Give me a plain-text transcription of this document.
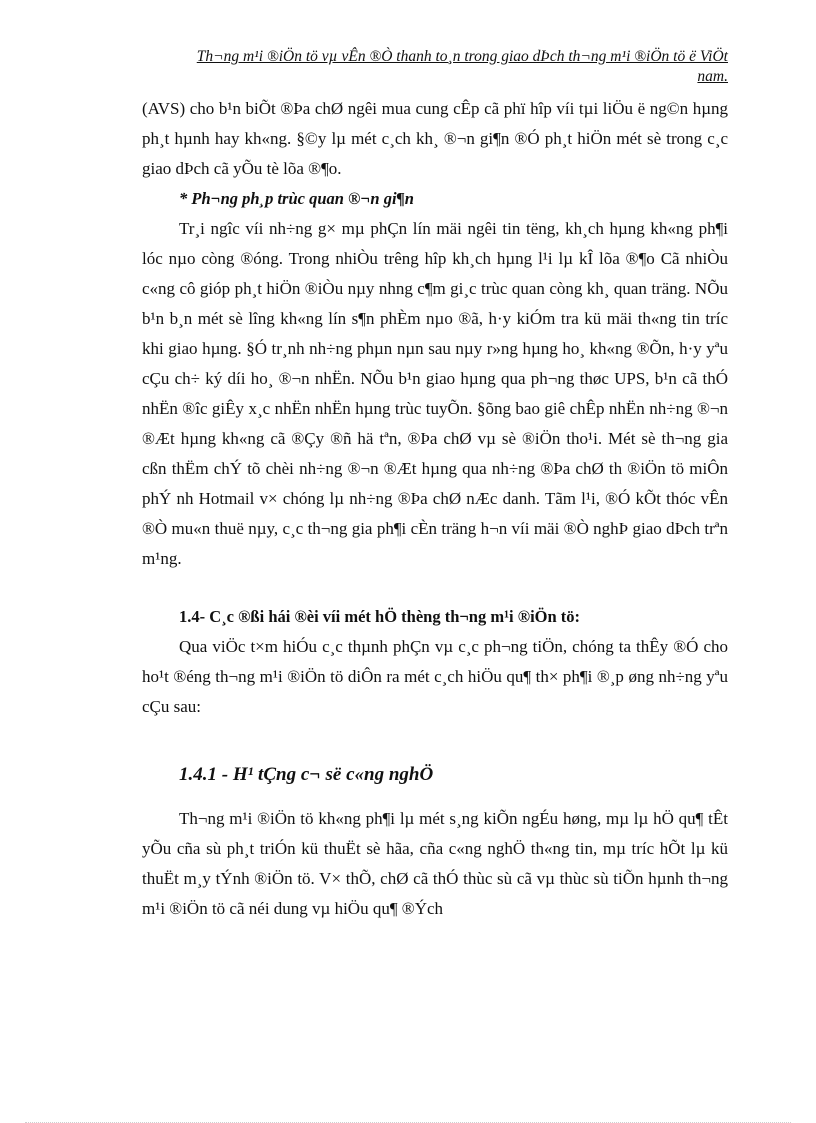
Th¬ng m¹i ®iÖn tö vµ vÊn ®Ò thanh to¸n trong giao dÞch th¬ng m¹i ®iÖn tö ë ViÖt
nam.

(AVS) cho b¹n biÕt ®Þa chØ ngêi mua cung cÊp cã phï hîp víi tµi liÖu ë ng©n hµng ph¸t hµnh hay kh«ng. §©y lµ mét c¸ch kh¸ ®¬n gi¶n ®Ó ph¸t hiÖn mét sè trong c¸c giao dÞch cã yÕu tè lõa ®¶o.

* Ph¬ng ph¸p trùc quan ®¬n gi¶n

Tr¸i ngîc víi nh÷ng g× mµ phÇn lín mäi ngêi tin tëng, kh¸ch hµng kh«ng ph¶i lóc nµo còng ®óng. Trong nhiÒu trêng hîp kh¸ch hµng l¹i lµ kÎ lõa ®¶o Cã nhiÒu c«ng cô gióp ph¸t hiÖn ®iÒu nµy nhng c¶m gi¸c trùc quan còng kh¸ quan träng. NÕu b¹n b¸n mét sè lîng kh«ng lín s¶n phÈm nµo ®ã, h·y kiÓm tra kü mäi th«ng tin tríc khi giao hµng. §Ó tr¸nh nh÷ng phµn nµn sau nµy r»ng hµng ho¸ kh«ng ®Õn, h·y yªu cÇu ch÷ ký díi ho¸ ®¬n nhËn. NÕu b¹n giao hµng qua ph¬ng thøc UPS, b¹n cã thÓ nhËn ®îc giÊy x¸c nhËn nhËn hµng trùc tuyÕn. §õng bao giê chÊp nhËn nh÷ng ®¬n ®Æt hµng kh«ng cã ®Çy ®ñ hä tªn, ®Þa chØ vµ sè ®iÖn tho¹i. Mét sè th¬ng gia cßn thËm chÝ tõ chèi nh÷ng ®¬n ®Æt hµng qua nh÷ng ®Þa chØ th ®iÖn tö miÔn phÝ nh Hotmail v× chóng lµ nh÷ng ®Þa chØ nÆc danh. Tãm l¹i, ®Ó kÕt thóc vÊn ®Ò mu«n thuë nµy, c¸c th¬ng gia ph¶i cÈn träng h¬n víi mäi ®Ò nghÞ giao dÞch trªn m¹ng.

1.4- C¸c ®ßi hái ®èi víi mét hÖ thèng th¬ng m¹i ®iÖn tö:

Qua viÖc t×m hiÓu c¸c thµnh phÇn vµ c¸c ph¬ng tiÖn, chóng ta thÊy ®Ó cho ho¹t ®éng th¬ng m¹i ®iÖn tö diÔn ra mét c¸ch hiÖu qu¶ th× ph¶i ®¸p øng nh÷ng yªu cÇu sau:

1.4.1 - H¹ tÇng c¬ së c«ng nghÖ

Th¬ng m¹i ®iÖn tö kh«ng ph¶i lµ mét s¸ng kiÕn ngÉu høng, mµ lµ hÖ qu¶ tÊt yÕu cña sù ph¸t triÓn kü thuËt sè hãa, cña c«ng nghÖ th«ng tin, mµ tríc hÕt lµ kü thuËt m¸y tÝnh ®iÖn tö. V× thÕ, chØ cã thÓ thùc sù cã vµ thùc sù tiÕn hµnh th¬ng m¹i ®iÖn tö cã néi dung vµ hiÖu qu¶ ®Ých
